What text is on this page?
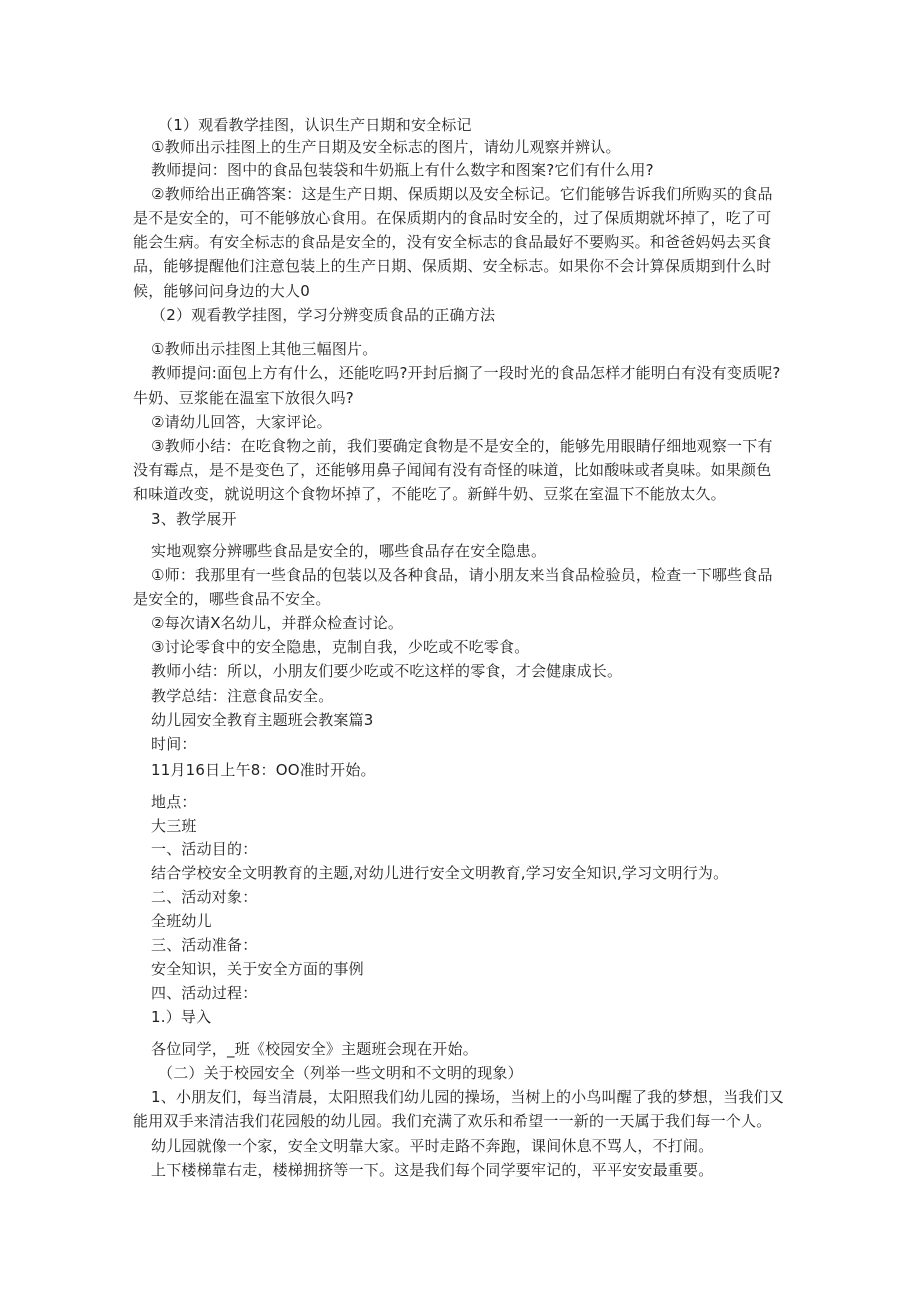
（1）观看教学挂图，认识生产日期和安全标记
①教师出示挂图上的生产日期及安全标志的图片，请幼儿观察并辨认。
教师提问：图中的食品包装袋和牛奶瓶上有什么数字和图案?它们有什么用?
②教师给出正确答案：这是生产日期、保质期以及安全标记。它们能够告诉我们所购买的食品
是不是安全的，可不能够放心食用。在保质期内的食品时安全的，过了保质期就坏掉了，吃了可
能会生病。有安全标志的食品是安全的，没有安全标志的食品最好不要购买。和爸爸妈妈去买食
品，能够提醒他们注意包装上的生产日期、保质期、安全标志。如果你不会计算保质期到什么时
候，能够问问身边的大人0
（2）观看教学挂图，学习分辨变质食品的正确方法
①教师出示挂图上其他三幅图片。
教师提问:面包上方有什么，还能吃吗?开封后搁了一段时光的食品怎样才能明白有没有变质呢?
牛奶、豆浆能在温室下放很久吗?
②请幼儿回答，大家评论。
③教师小结：在吃食物之前，我们要确定食物是不是安全的，能够先用眼睛仔细地观察一下有
没有霉点，是不是变色了，还能够用鼻子闻闻有没有奇怪的味道，比如酸味或者臭味。如果颜色
和味道改变，就说明这个食物坏掉了，不能吃了。新鲜牛奶、豆浆在室温下不能放太久。
3、教学展开
实地观察分辨哪些食品是安全的，哪些食品存在安全隐患。
①师：我那里有一些食品的包装以及各种食品，请小朋友来当食品检验员，检查一下哪些食品
是安全的，哪些食品不安全。
②每次请X名幼儿，并群众检查讨论。
③讨论零食中的安全隐患，克制自我，少吃或不吃零食。
教师小结：所以，小朋友们要少吃或不吃这样的零食，才会健康成长。
教学总结：注意食品安全。
幼儿园安全教育主题班会教案篇3
时间：
11月16日上午8：OO准时开始。
地点：
大三班
一、活动目的：
结合学校安全文明教育的主题,对幼儿进行安全文明教育,学习安全知识,学习文明行为。
二、活动对象：
全班幼儿
三、活动准备：
安全知识，关于安全方面的事例
四、活动过程：
1.）导入
各位同学，_班《校园安全》主题班会现在开始。
（二）关于校园安全（列举一些文明和不文明的现象）
1、小朋友们，每当清晨，太阳照我们幼儿园的操场，当树上的小鸟叫醒了我的梦想，当我们又
能用双手来清洁我们花园般的幼儿园。我们充满了欢乐和希望一一新的一天属于我们每一个人。
幼儿园就像一个家，安全文明靠大家。平时走路不奔跑，课间休息不骂人，不打闹。
上下楼梯靠右走，楼梯拥挤等一下。这是我们每个同学要牢记的，平平安安最重要。
